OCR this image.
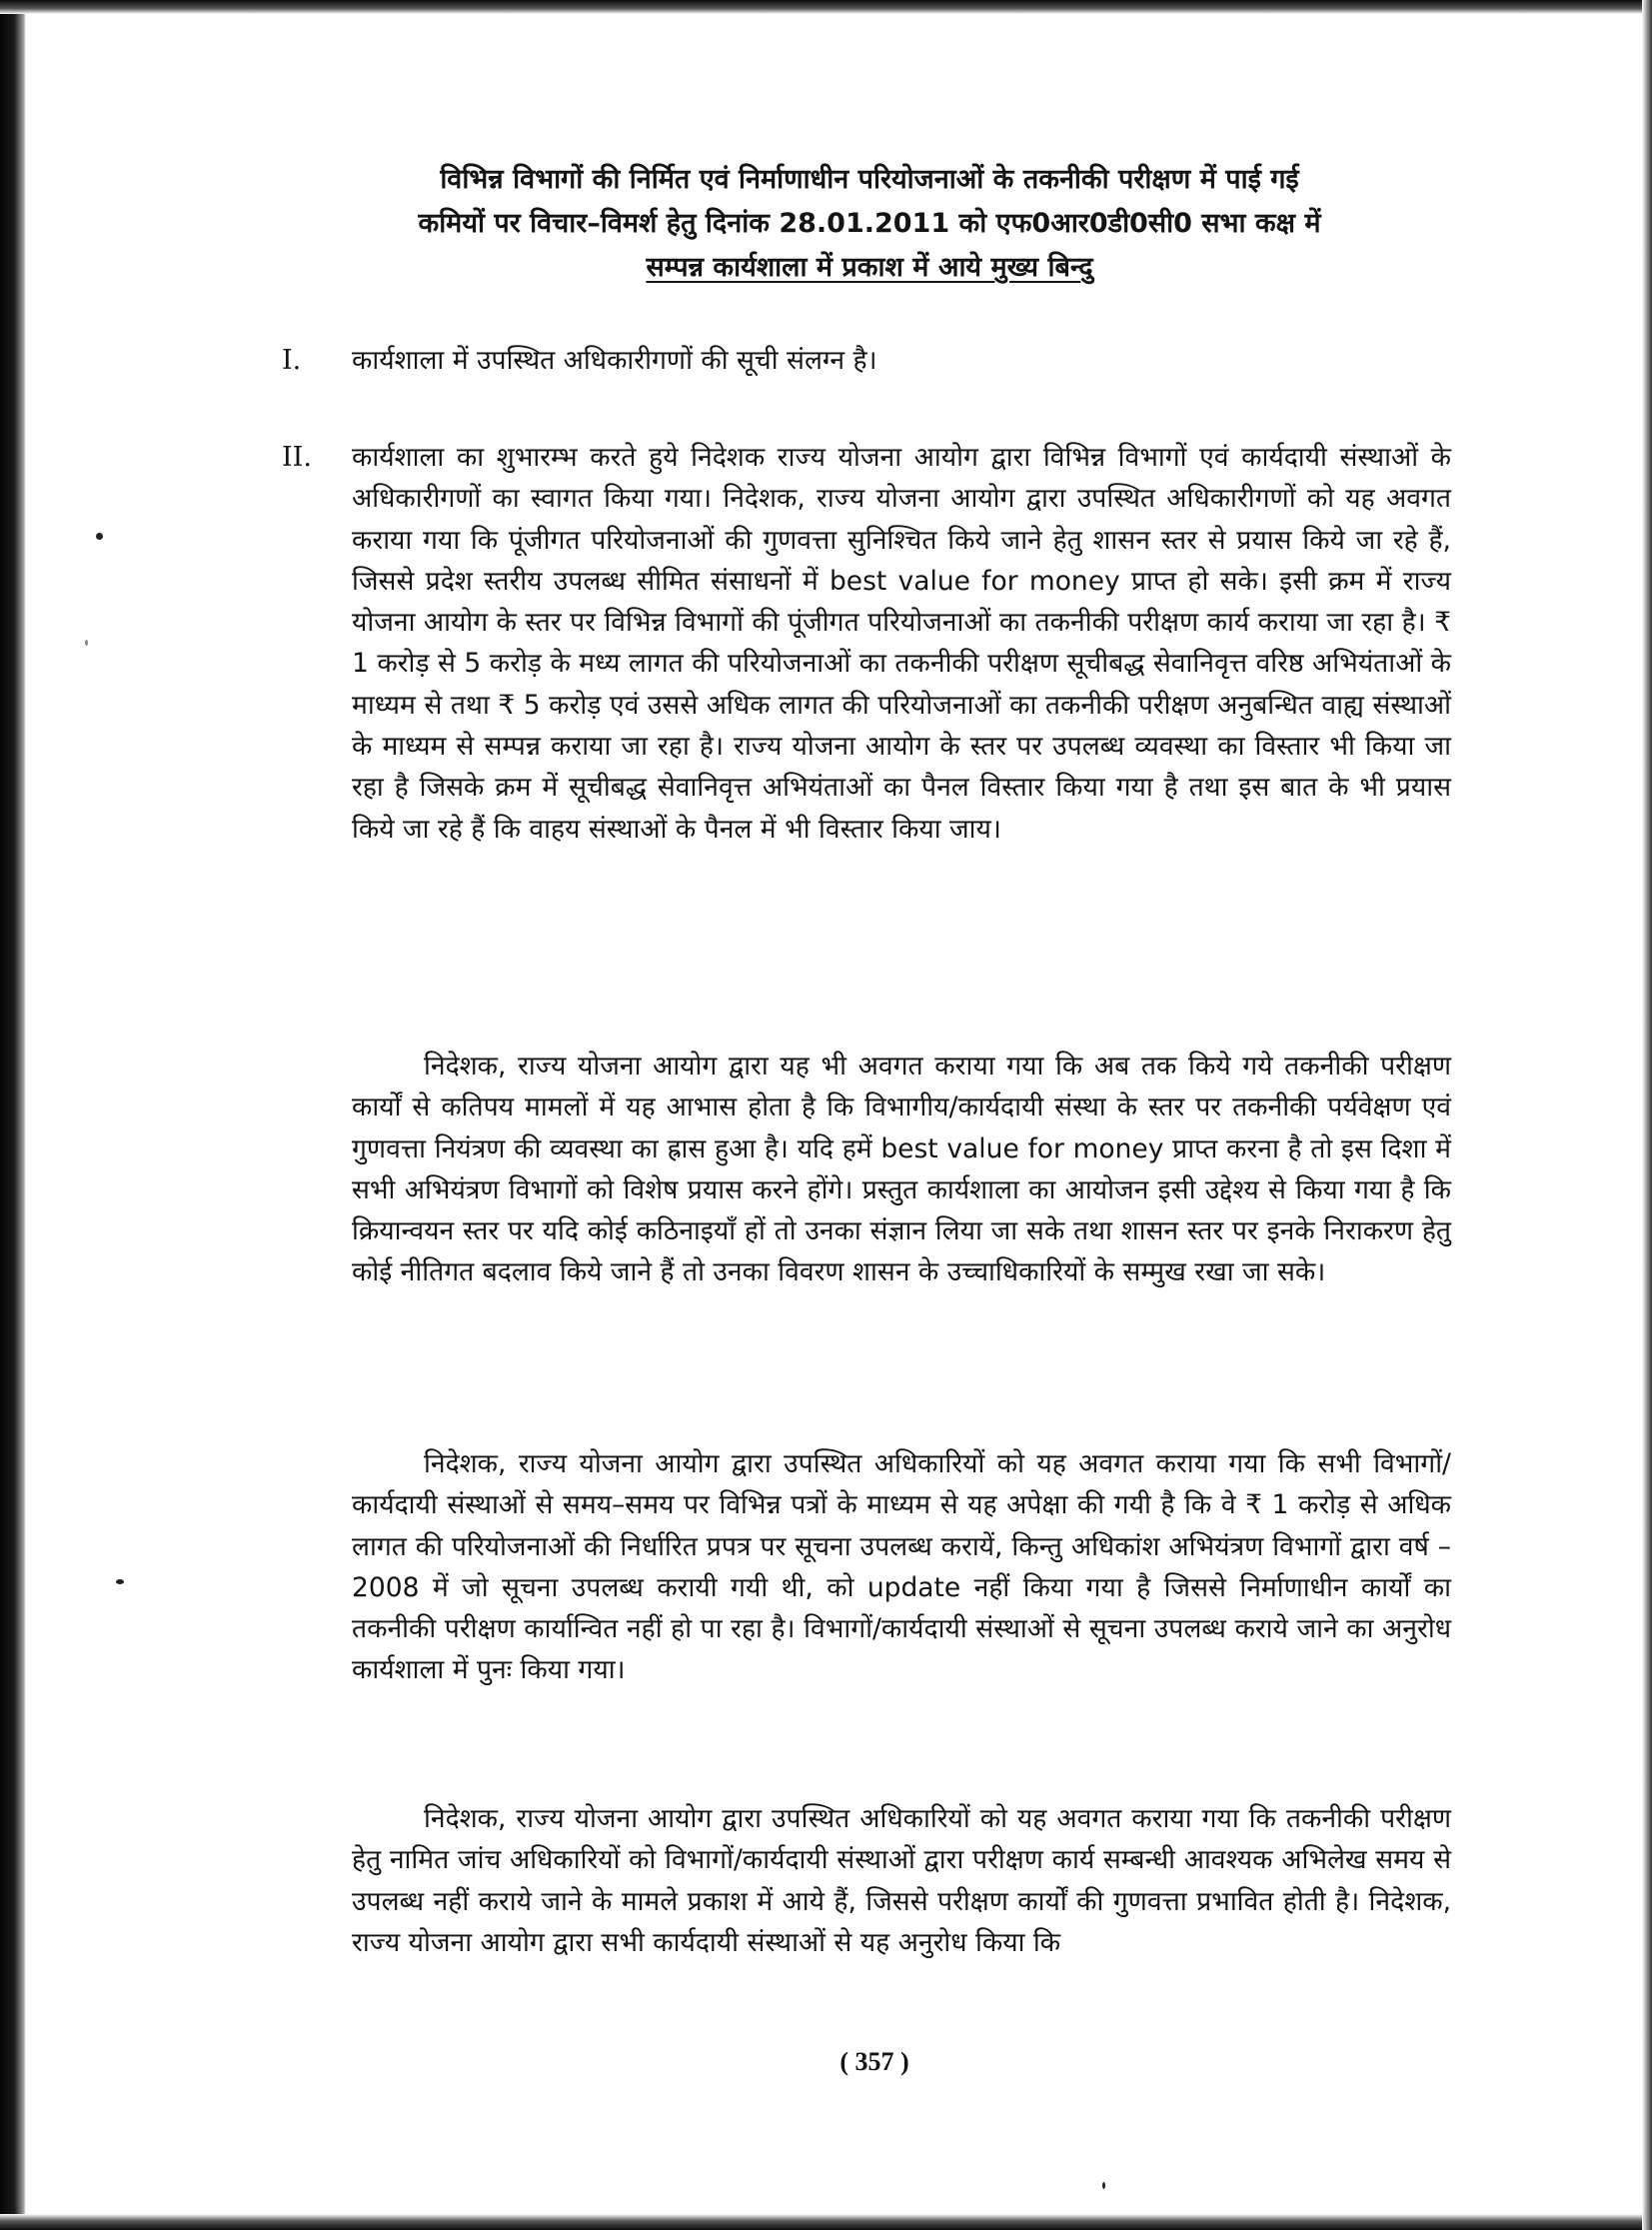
विभिन्न विभागों की निर्मित एवं निर्माणाधीन परियोजनाओं के तकनीकी परीक्षण में पाई गई
कमियों पर विचार–विमर्श हेतु दिनांक 28.01.2011 को एफ0आर0डी0सी0 सभा कक्ष में
सम्पन्न कार्यशाला में प्रकाश में आये मुख्य बिन्दु
I. कार्यशाला में उपस्थित अधिकारीगणों की सूची संलग्न है।
II. कार्यशाला का शुभारम्भ करते हुये निदेशक राज्य योजना आयोग द्वारा विभिन्न विभागों एवं कार्यदायी संस्थाओं के अधिकारीगणों का स्वागत किया गया। निदेशक, राज्य योजना आयोग द्वारा उपस्थित अधिकारीगणों को यह अवगत कराया गया कि पूंजीगत परियोजनाओं की गुणवत्ता सुनिश्चित किये जाने हेतु शासन स्तर से प्रयास किये जा रहे हैं, जिससे प्रदेश स्तरीय उपलब्ध सीमित संसाधनों में best value for money प्राप्त हो सके। इसी क्रम में राज्य योजना आयोग के स्तर पर विभिन्न विभागों की पूंजीगत परियोजनाओं का तकनीकी परीक्षण कार्य कराया जा रहा है। ₹ 1 करोड़ से 5 करोड़ के मध्य लागत की परियोजनाओं का तकनीकी परीक्षण सूचीबद्ध सेवानिवृत्त वरिष्ठ अभियंताओं के माध्यम से तथा ₹ 5 करोड़ एवं उससे अधिक लागत की परियोजनाओं का तकनीकी परीक्षण अनुबन्धित वाह्य संस्थाओं के माध्यम से सम्पन्न कराया जा रहा है। राज्य योजना आयोग के स्तर पर उपलब्ध व्यवस्था का विस्तार भी किया जा रहा है जिसके क्रम में सूचीबद्ध सेवानिवृत्त अभियंताओं का पैनल विस्तार किया गया है तथा इस बात के भी प्रयास किये जा रहे हैं कि वाहय संस्थाओं के पैनल में भी विस्तार किया जाय।
निदेशक, राज्य योजना आयोग द्वारा यह भी अवगत कराया गया कि अब तक किये गये तकनीकी परीक्षण कार्यों से कतिपय मामलों में यह आभास होता है कि विभागीय/कार्यदायी संस्था के स्तर पर तकनीकी पर्यवेक्षण एवं गुणवत्ता नियंत्रण की व्यवस्था का ह्रास हुआ है। यदि हमें best value for money प्राप्त करना है तो इस दिशा में सभी अभियंत्रण विभागों को विशेष प्रयास करने होंगे। प्रस्तुत कार्यशाला का आयोजन इसी उद्देश्य से किया गया है कि क्रियान्वयन स्तर पर यदि कोई कठिनाइयाँ हों तो उनका संज्ञान लिया जा सके तथा शासन स्तर पर इनके निराकरण हेतु कोई नीतिगत बदलाव किये जाने हैं तो उनका विवरण शासन के उच्चाधिकारियों के सम्मुख रखा जा सके।
निदेशक, राज्य योजना आयोग द्वारा उपस्थित अधिकारियों को यह अवगत कराया गया कि सभी विभागों/कार्यदायी संस्थाओं से समय–समय पर विभिन्न पत्रों के माध्यम से यह अपेक्षा की गयी है कि वे ₹ 1 करोड़ से अधिक लागत की परियोजनाओं की निर्धारित प्रपत्र पर सूचना उपलब्ध करायें, किन्तु अधिकांश अभियंत्रण विभागों द्वारा वर्ष – 2008 में जो सूचना उपलब्ध करायी गयी थी, को update नहीं किया गया है जिससे निर्माणाधीन कार्यों का तकनीकी परीक्षण कार्यान्वित नहीं हो पा रहा है। विभागों/कार्यदायी संस्थाओं से सूचना उपलब्ध कराये जाने का अनुरोध कार्यशाला में पुनः किया गया।
निदेशक, राज्य योजना आयोग द्वारा उपस्थित अधिकारियों को यह अवगत कराया गया कि तकनीकी परीक्षण हेतु नामित जांच अधिकारियों को विभागों/कार्यदायी संस्थाओं द्वारा परीक्षण कार्य सम्बन्धी आवश्यक अभिलेख समय से उपलब्ध नहीं कराये जाने के मामले प्रकाश में आये हैं, जिससे परीक्षण कार्यों की गुणवत्ता प्रभावित होती है। निदेशक, राज्य योजना आयोग द्वारा सभी कार्यदायी संस्थाओं से यह अनुरोध किया कि
( 357 )
